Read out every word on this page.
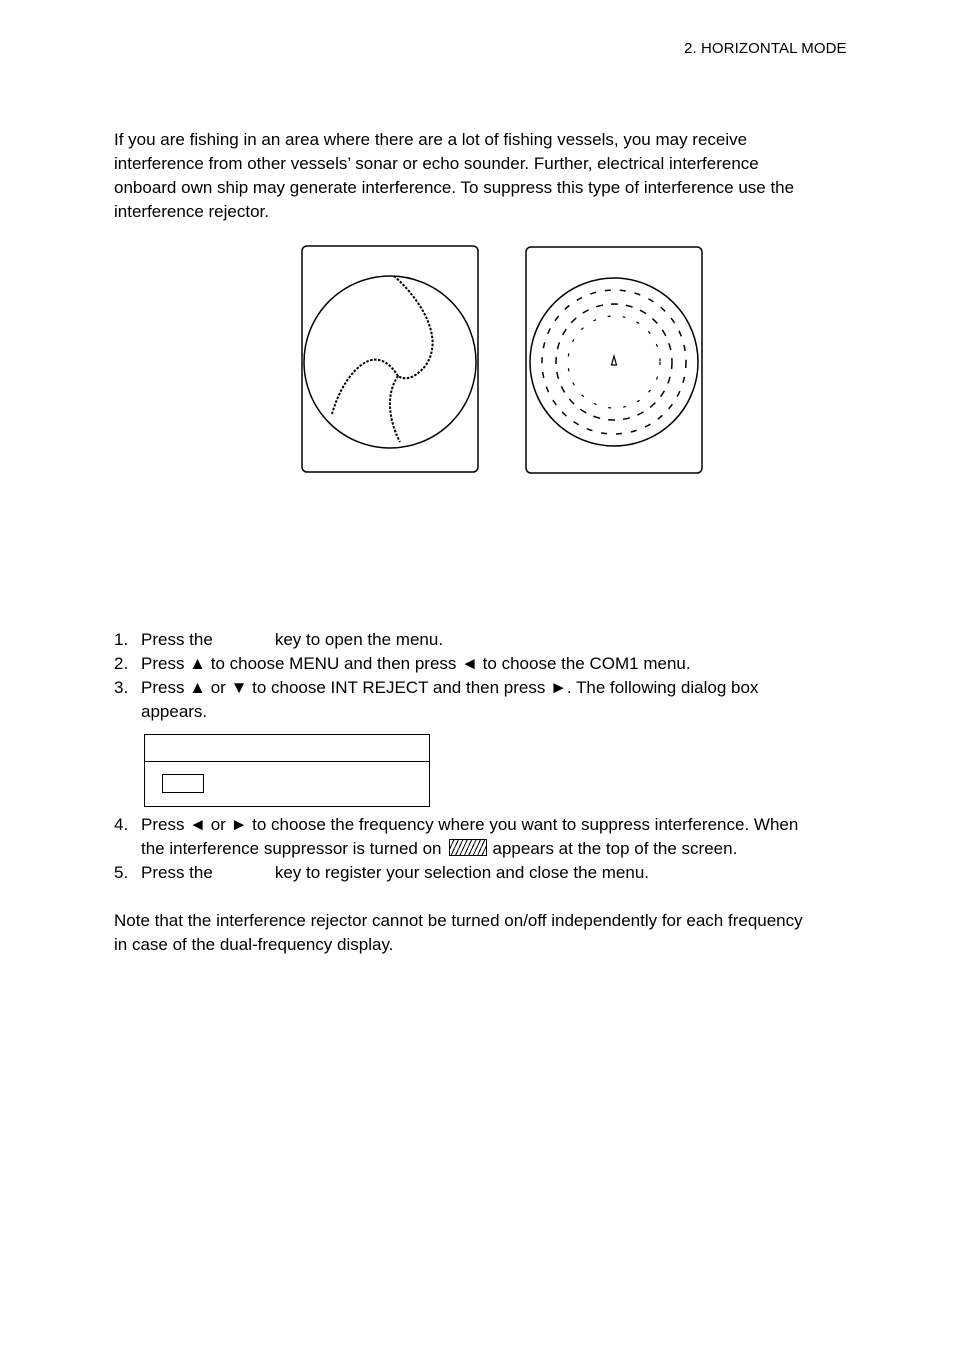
2. HORIZONTAL MODE

If you are fishing in an area where there are a lot of fishing vessels, you may receive

interference from other vessels’ sonar or echo sounder. Further, electrical interference

onboard own ship may generate interference. To suppress this type of interference use the

interference rejector.

1. Press the	key to open the menu.
2. Press ▲ to choose MENU and then press ◄ to choose the COM1 menu.
3. Press ▲ or ▼ to choose INT REJECT and then press ►. The following dialog box
appears.
4. Press ◄ or ► to choose the frequency where you want to suppress interference. When
the interference suppressor is turned on	appears at the top of the screen.
5. Press the	key to register your selection and close the menu.

Note that the interference rejector cannot be turned on/off independently for each frequency

in case of the dual-frequency display.
